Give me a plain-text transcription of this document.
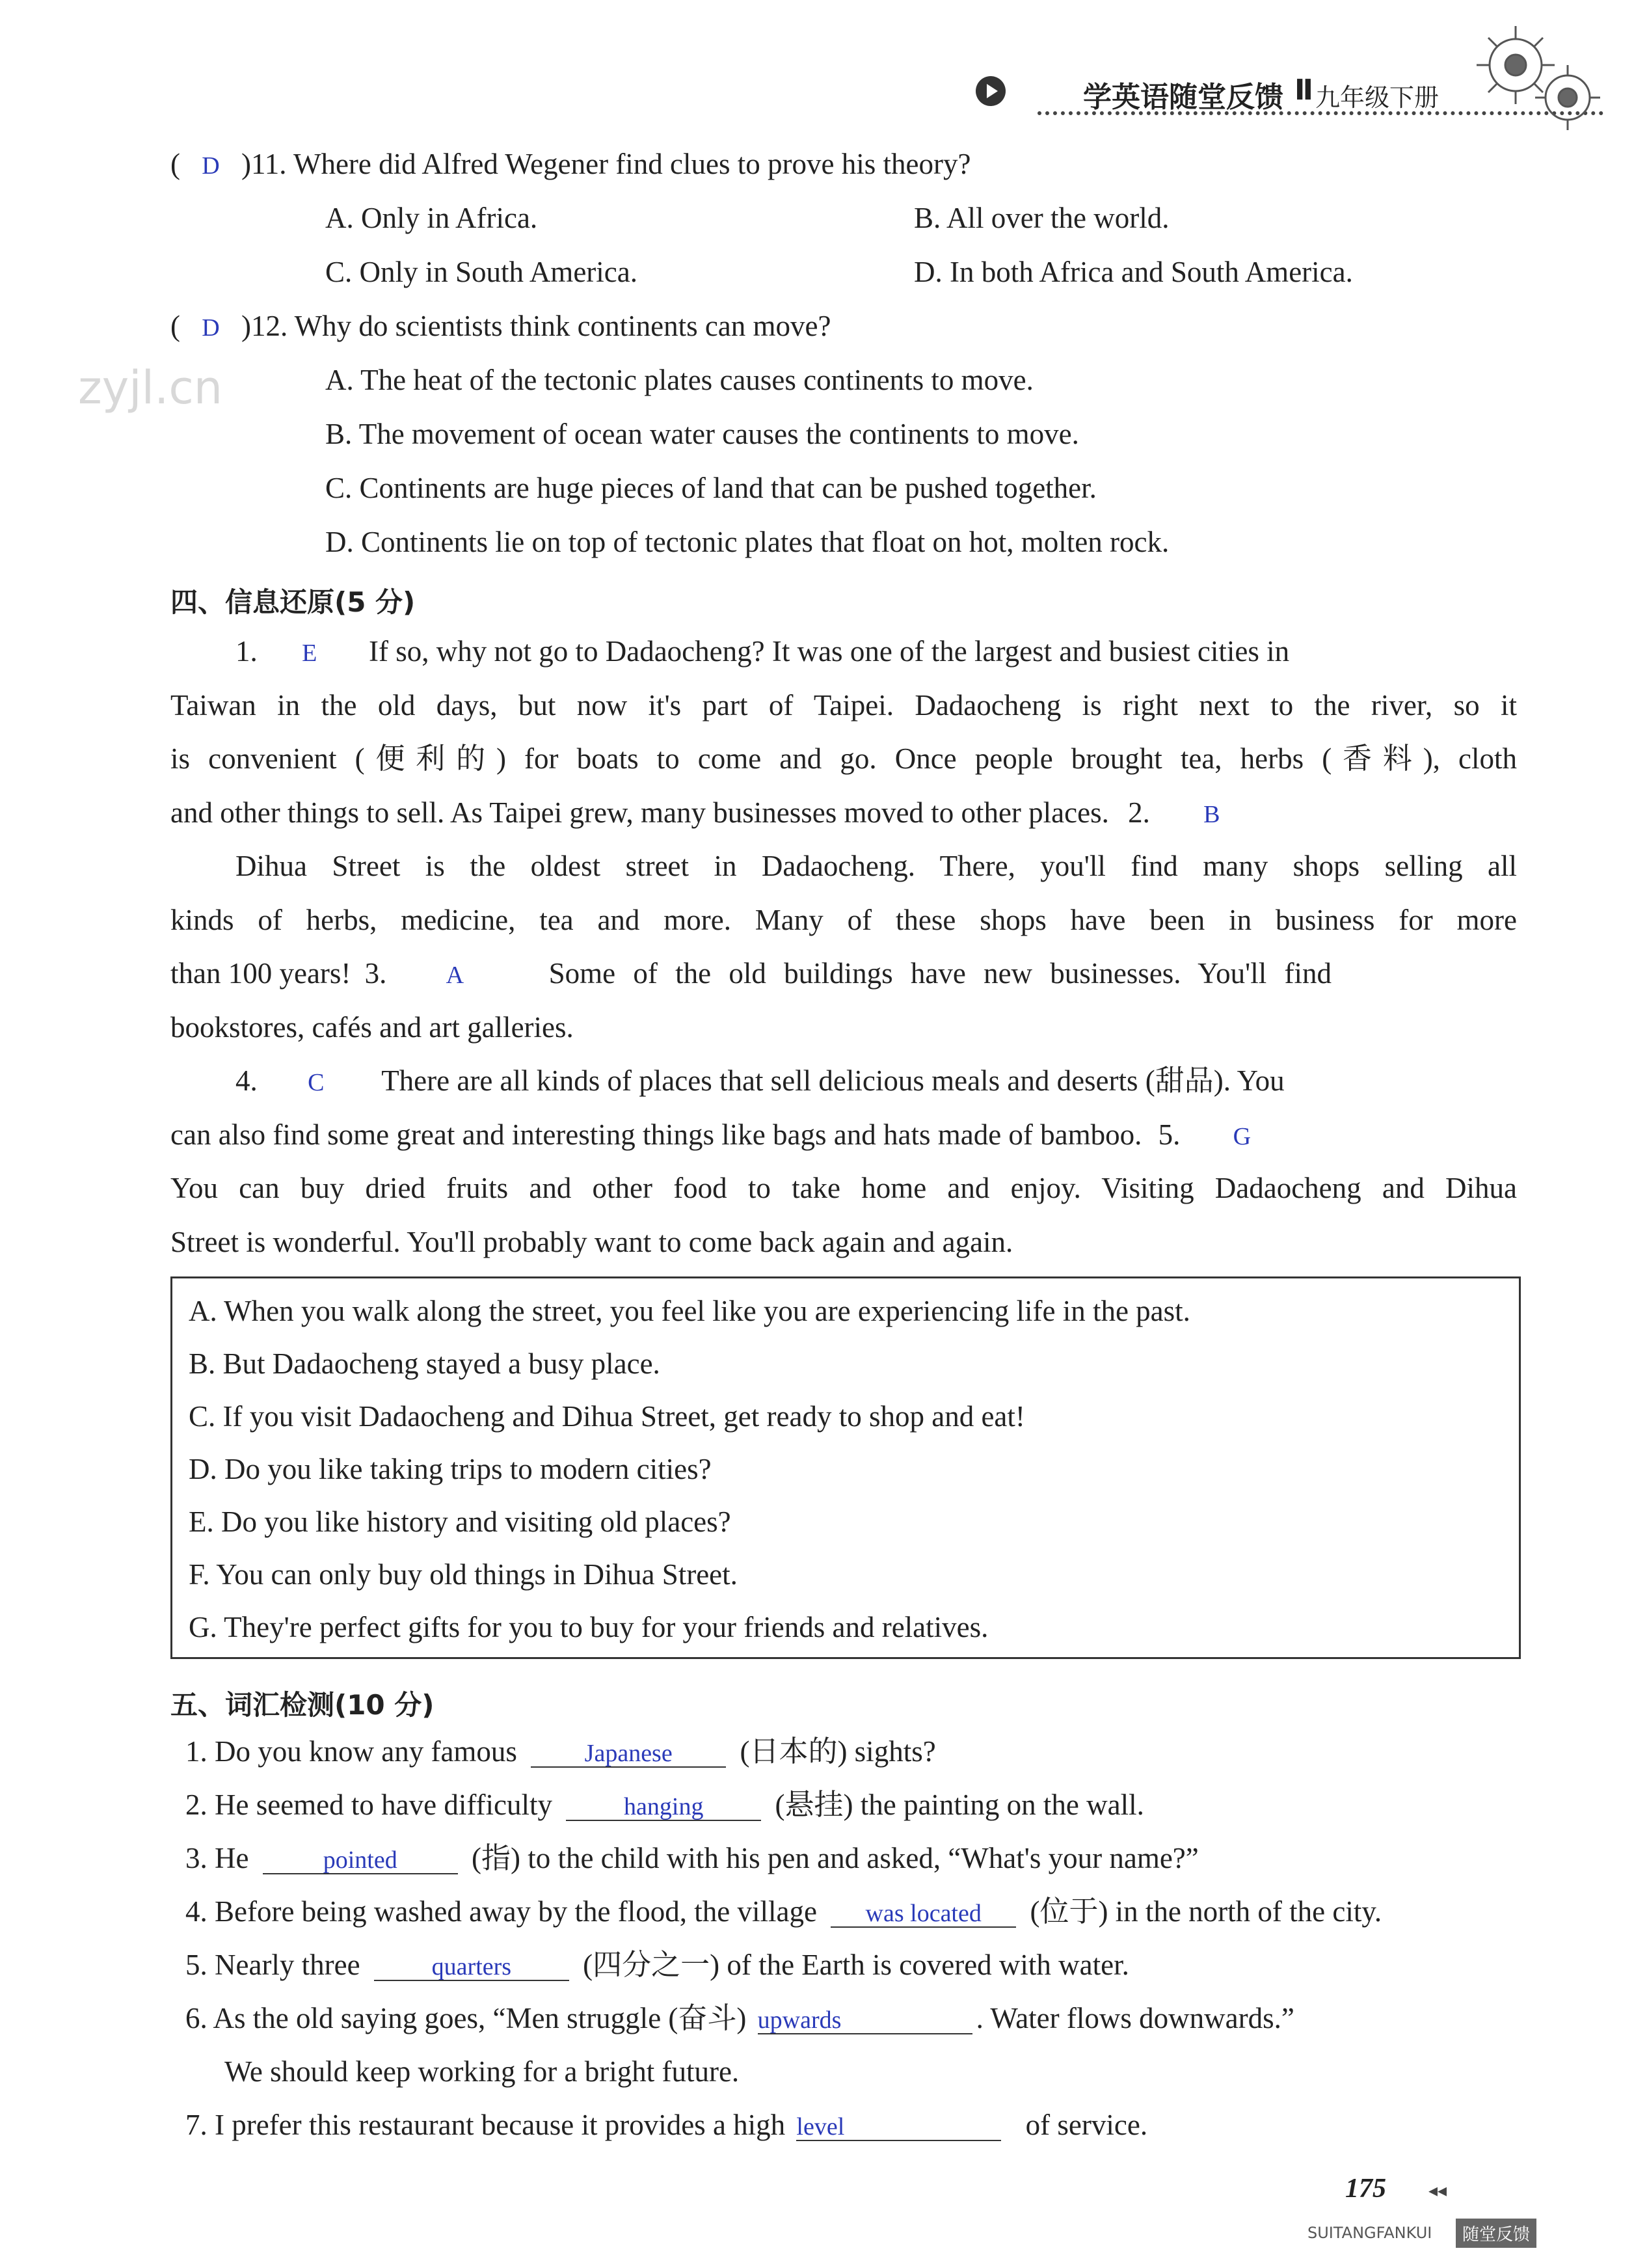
学英语随堂反馈 Ⅱ 九年级下册
zyjl.cn
( D )11. Where did Alfred Wegener find clues to prove his theory?
A. Only in Africa.	B. All over the world.
C. Only in South America.	D. In both Africa and South America.
( D )12. Why do scientists think continents can move?
A. The heat of the tectonic plates causes continents to move.
B. The movement of ocean water causes the continents to move.
C. Continents are huge pieces of land that can be pushed together.
D. Continents lie on top of tectonic plates that float on hot, molten rock.
四、信息还原(5 分)
1. E If so, why not go to Dadaocheng? It was one of the largest and busiest cities in
Taiwan in the old days, but now it's part of Taipei. Dadaocheng is right next to the river, so it
is convenient (便利的) for boats to come and go. Once people brought tea, herbs (香料), cloth
and other things to sell. As Taipei grew, many businesses moved to other places. 2. B
Dihua Street is the oldest street in Dadaocheng. There, you'll find many shops selling all
kinds of herbs, medicine, tea and more. Many of these shops have been in business for more
than 100 years! 3. A	Some of the old buildings have new businesses. You'll find
bookstores, cafés and art galleries.
4. C There are all kinds of places that sell delicious meals and deserts (甜品). You
can also find some great and interesting things like bags and hats made of bamboo. 5. G
You can buy dried fruits and other food to take home and enjoy. Visiting Dadaocheng and Dihua
Street is wonderful. You'll probably want to come back again and again.
A. When you walk along the street, you feel like you are experiencing life in the past.
B. But Dadaocheng stayed a busy place.
C. If you visit Dadaocheng and Dihua Street, get ready to shop and eat!
D. Do you like taking trips to modern cities?
E. Do you like history and visiting old places?
F. You can only buy old things in Dihua Street.
G. They're perfect gifts for you to buy for your friends and relatives.
五、词汇检测(10 分)
1. Do you know any famous	Japanese (日本的) sights?
2. He seemed to have difficulty	hanging (悬挂) the painting on the wall.
3. He	pointed	(指) to the child with his pen and asked, “What's your name?”
4. Before being washed away by the flood, the village was located (位于) in the north of the city.
5. Nearly three	quarters (四分之一) of the Earth is covered with water.
6. As the old saying goes, “Men struggle (奋斗) upwards	. Water flows downwards.”
We should keep working for a bright future.
7. I prefer this restaurant because it provides a high level	of service.
175 ◂◂
SUITANGFANKUI	随堂反馈
